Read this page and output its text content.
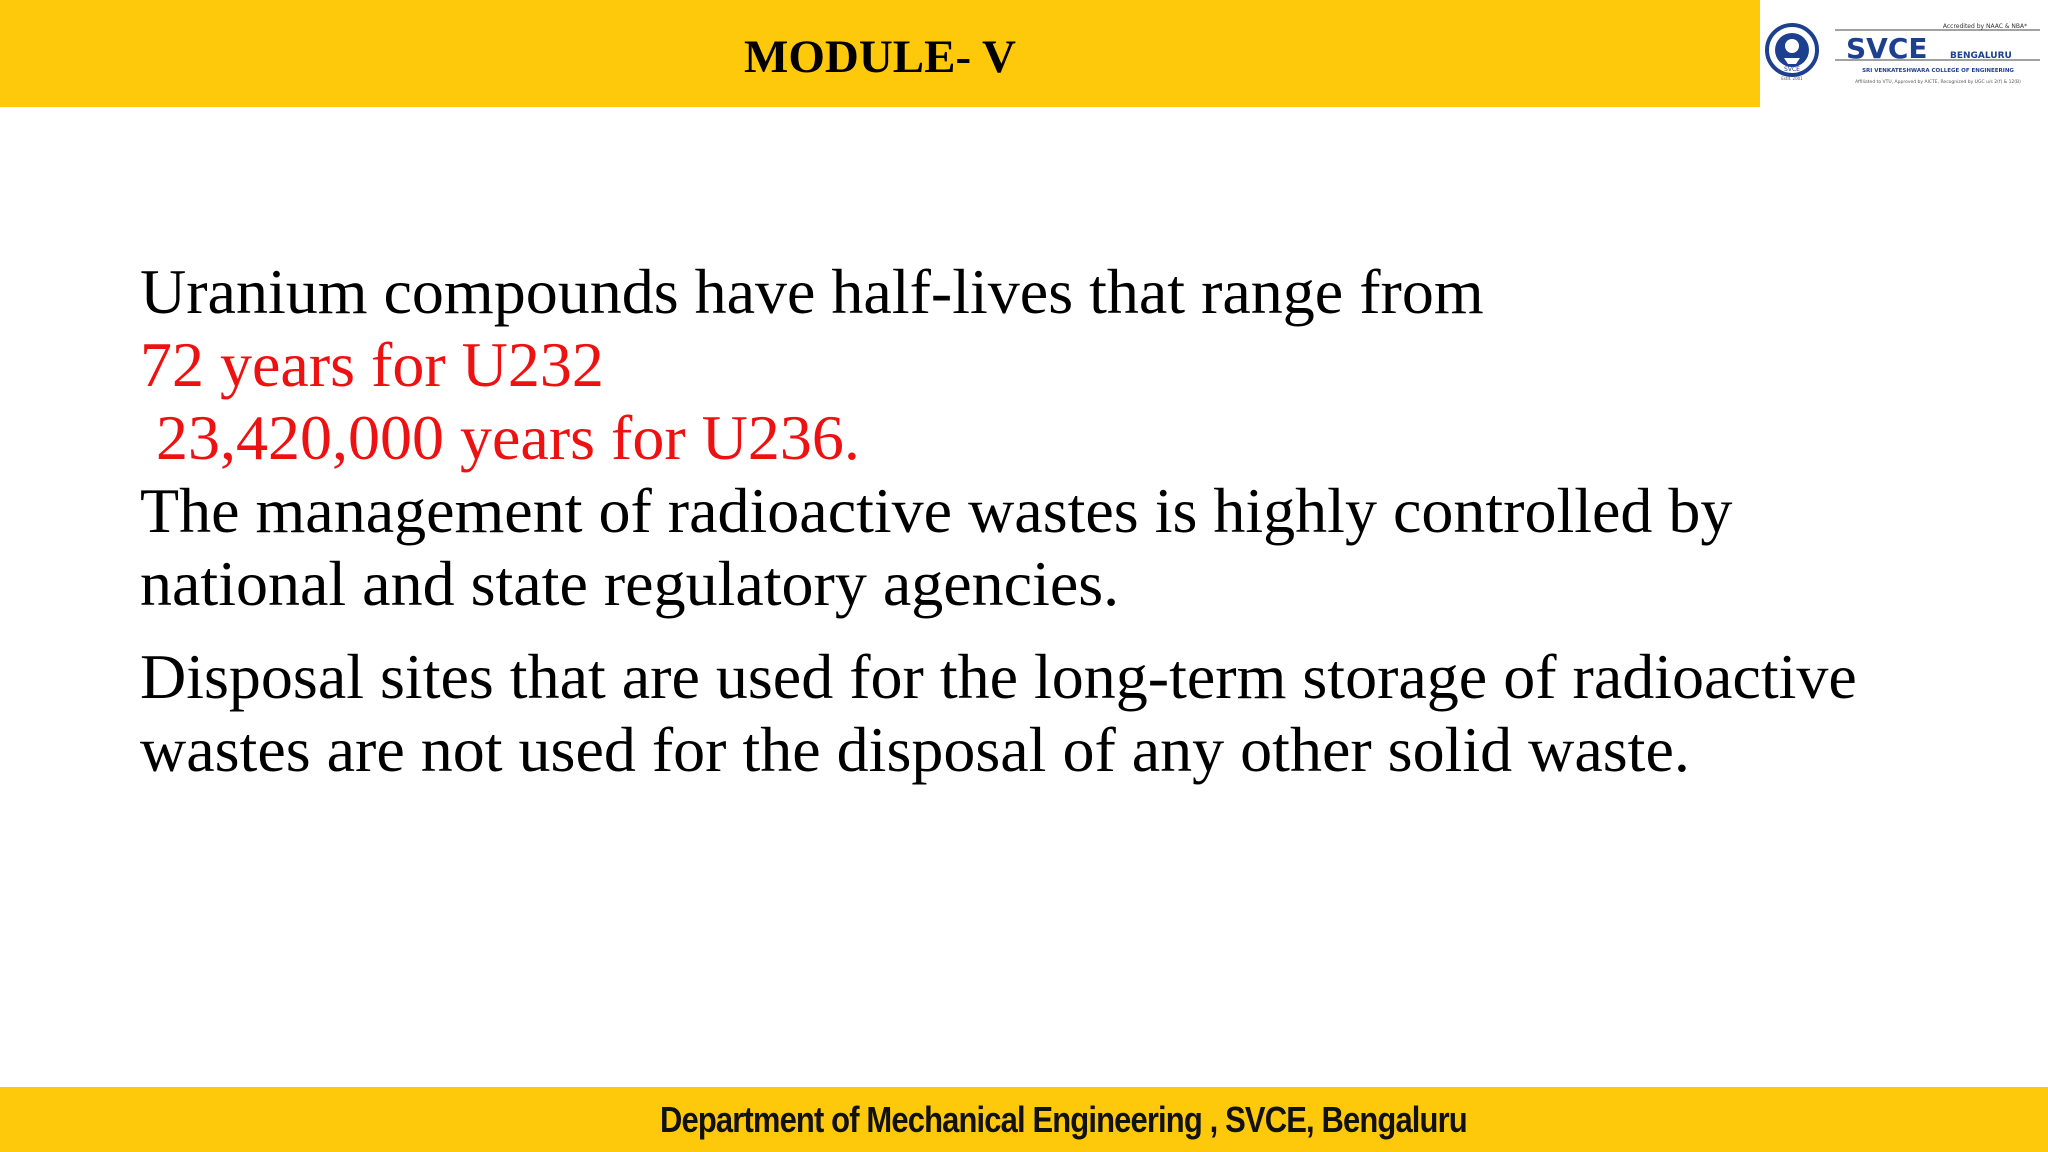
MODULE- V	SVCE
Estd. 2001
Accredited by NAAC & NBA*
SVCE BENGALURU
SRI VENKATESHWARA COLLEGE OF ENGINEERING
Affiliated to VTU, Approved by AICTE, Recognized by UGC u/s 2(f) & 12(B)

Uranium compounds have half-lives that range from

72 years for U232

23,420,000 years for U236.

The management of radioactive wastes is highly controlled by national and state regulatory agencies.

Disposal sites that are used for the long-term storage of radioactive wastes are not used for the disposal of any other solid waste.

Department of Mechanical Engineering , SVCE, Bengaluru
